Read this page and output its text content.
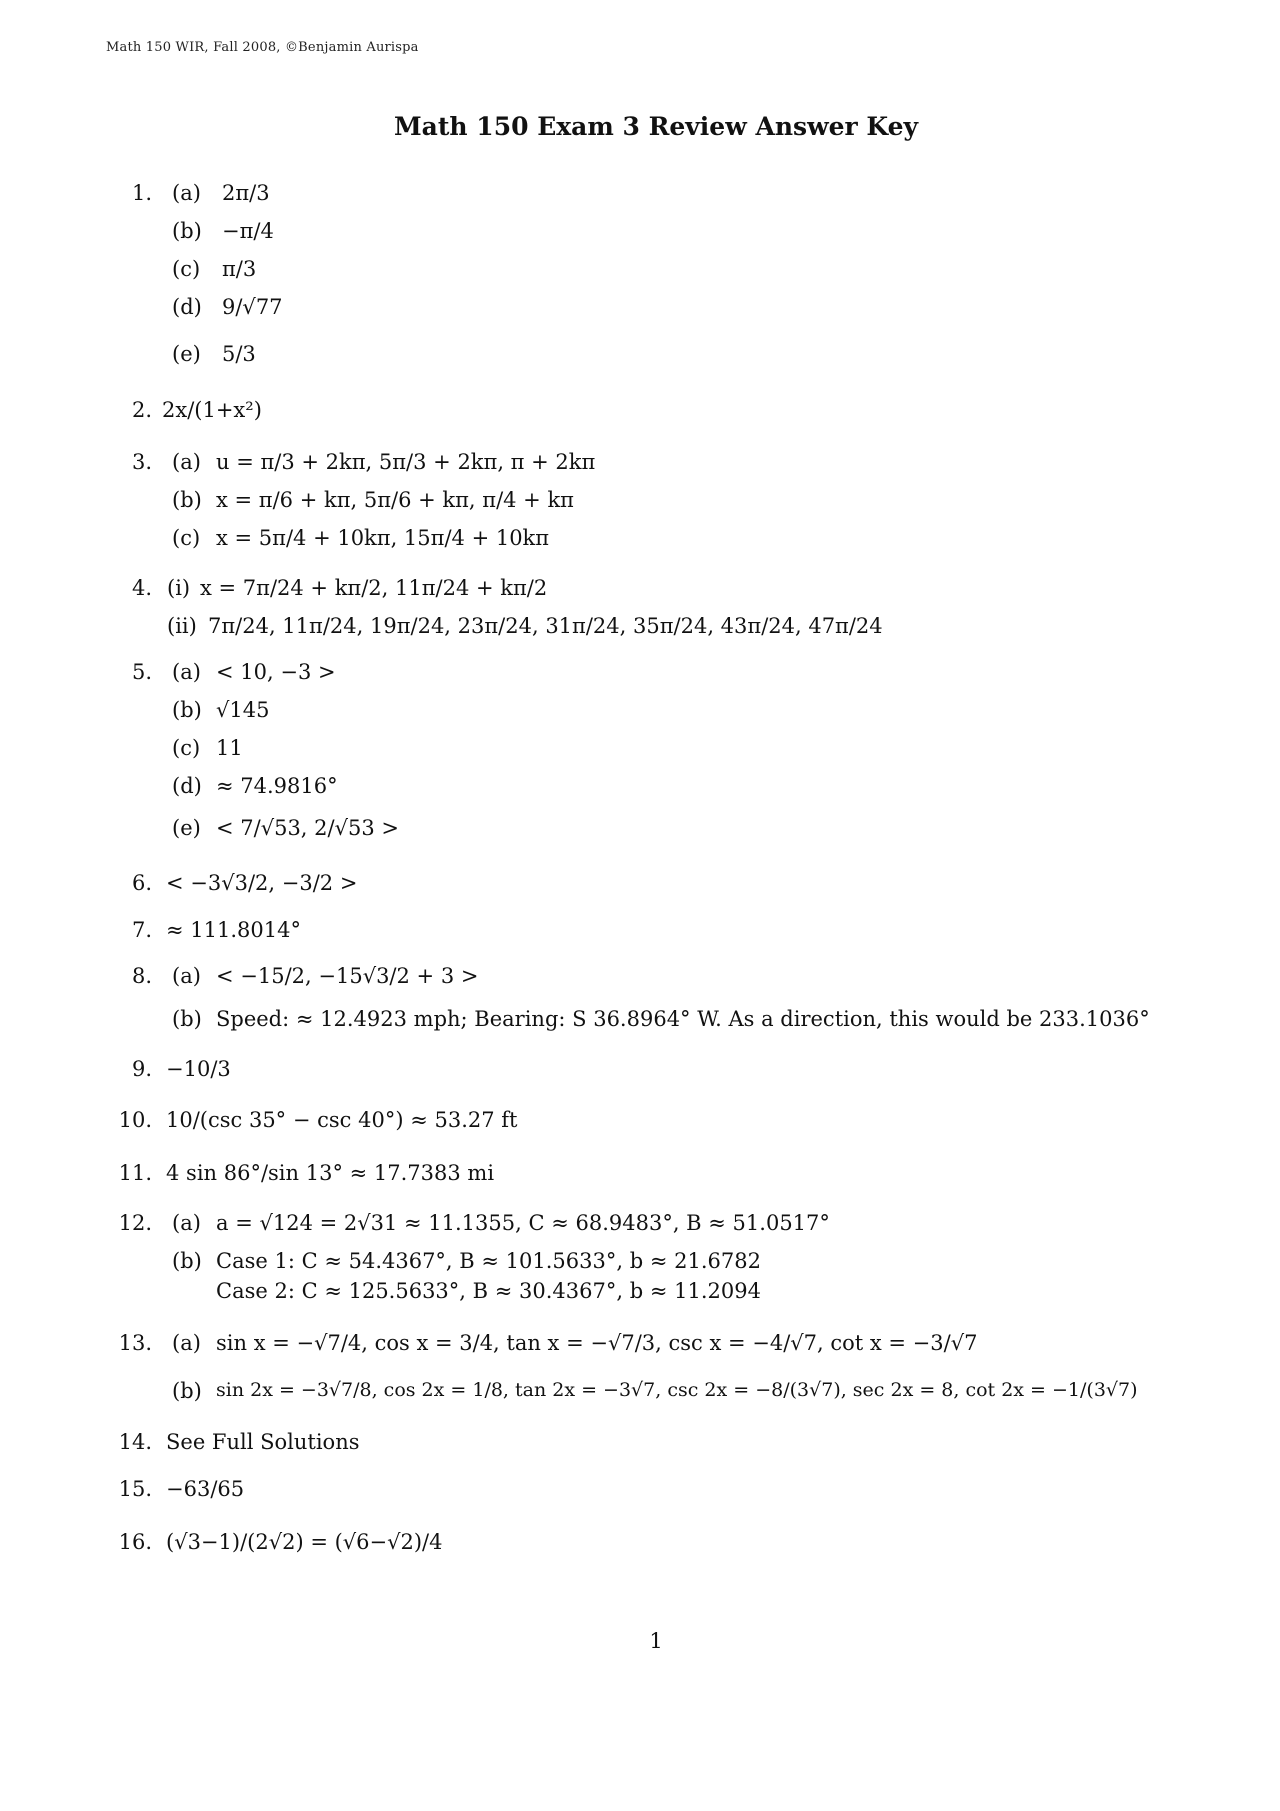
Math 150 WIR, Fall 2008, ©Benjamin Aurispa
Math 150 Exam 3 Review Answer Key
1. (a) 2π/3
(b) −π/4
(c) π/3
(d) 9/√77
(e) 5/3
2. 2x/(1+x²)
3. (a) u = π/3 + 2kπ, 5π/3 + 2kπ, π + 2kπ
(b) x = π/6 + kπ, 5π/6 + kπ, π/4 + kπ
(c) x = 5π/4 + 10kπ, 15π/4 + 10kπ
4. (i) x = 7π/24 + kπ/2, 11π/24 + kπ/2
(ii) 7π/24, 11π/24, 19π/24, 23π/24, 31π/24, 35π/24, 43π/24, 47π/24
5. (a) < 10, −3 >
(b) √145
(c) 11
(d) ≈ 74.9816°
(e) < 7/√53, 2/√53 >
6. < −3√3/2, −3/2 >
7. ≈ 111.8014°
8. (a) < −15/2, −15√3/2 + 3 >
(b) Speed: ≈ 12.4923 mph; Bearing: S 36.8964° W. As a direction, this would be 233.1036°
9. −10/3
10. 10/(csc 35° − csc 40°) ≈ 53.27 ft
11. 4 sin 86°/sin 13° ≈ 17.7383 mi
12. (a) a = √124 = 2√31 ≈ 11.1355, C ≈ 68.9483°, B ≈ 51.0517°
(b) Case 1: C ≈ 54.4367°, B ≈ 101.5633°, b ≈ 21.6782
Case 2: C ≈ 125.5633°, B ≈ 30.4367°, b ≈ 11.2094
13. (a) sin x = −√7/4, cos x = 3/4, tan x = −√7/3, csc x = −4/√7, cot x = −3/√7
(b) sin 2x = −3√7/8, cos 2x = 1/8, tan 2x = −3√7, csc 2x = −8/(3√7), sec 2x = 8, cot 2x = −1/(3√7)
14. See Full Solutions
15. −63/65
16. (√3−1)/(2√2) = (√6−√2)/4
1
